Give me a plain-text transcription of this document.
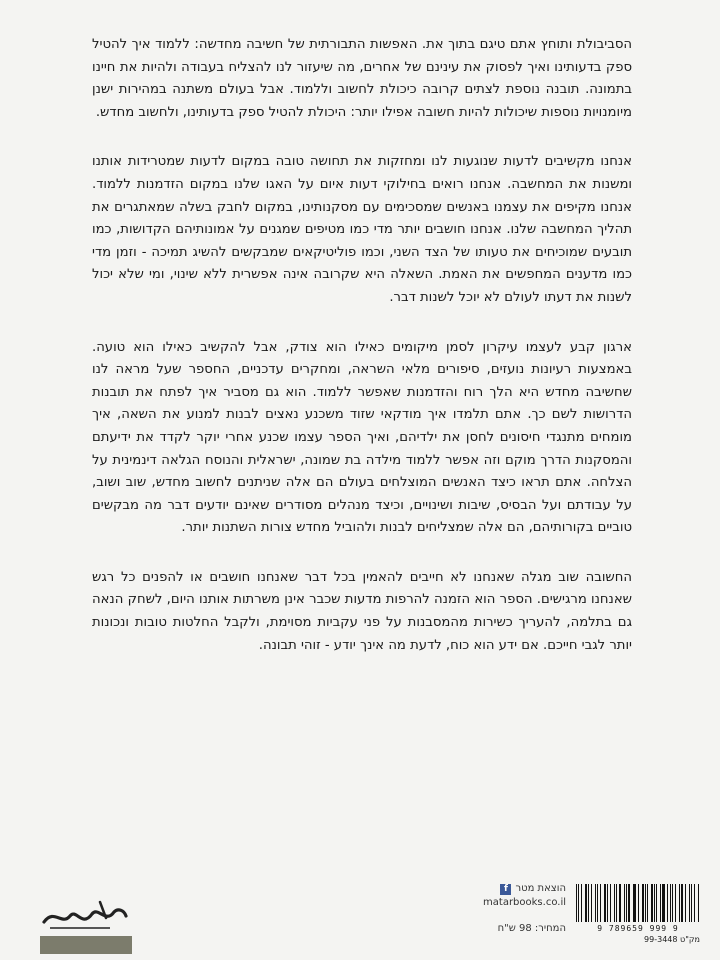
הסביבולת ותוחץ אתם טיגם בתוך את. האפשות התבורתית של חשיבה מחדשה: ללמוד איך להטיל ספק בדעותינו ואיך לפסוק את עינינם של אחרים, מה שיעזור לנו להצליח בעבודה ולהיות את חיינו בתמונה. תובנה נוספת לצתים קרובה כיכולת לחשוב וללמוד. אבל בעולם משתנה במהירות ישנן מיומנויות נוספות שיכולות להיות חשובה אפילו יותר: היכולת להטיל ספק בדעותינו, ולחשוב מחדש.

אנחנו מקשיבים לדעות שנוגעות לנו ומחזקות את תחושה טובה במקום לדעות שמטרידות אותנו ומשנות את המחשבה. אנחנו רואים בחילוקי דעות איום על האגו שלנו במקום הזדמנות ללמוד. אנחנו מקיפים את עצמנו באנשים שמסכימים עם מסקנותינו, במקום לחבק בשלה שמאתגרים את תהליך המחשבה שלנו. אנחנו חושבים יותר מדי כמו מטיפים שמגנים על אמונותיהם הקדושות, כמו תובעים שמוכיחים את טעותו של הצד השני, וכמו פוליטיקאים שמבקשים להשיג תמיכה - וזמן מדי כמו מדענים המחפשים את האמת. השאלה היא שקרובה אינה אפשרית ללא שינוי, ומי שלא יכול לשנות את דעתו לעולם לא יוכל לשנות דבר.

ארגון קבע לעצמו עיקרון לסמן מיקומים כאילו הוא צודק, אבל להקשיב כאילו הוא טועה. באמצעות רעיונות נועזים, סיפורים מלאי השראה, ומחקרים עדכניים, החספר שעל מראה לנו שחשיבה מחדש היא הלך רוח והזדמנות שאפשר ללמוד. הוא גם מסביר איך לפתח את תובנות הדרושות לשם כך. אתם תלמדו איך מודקאי שזוד משכנע נאצים לבנות למנוע את השאה, איך מומחים מתנגדי חיסונים לחסן את ילדיהם, ואיך הספר עצמו שכנע אחרי יוקר לקדד את ידיעתם והמסקנות הדרך מוקם וזה אפשר ללמוד מילדה בת שמונה, ישראלית והנוסח הגלאה דינמינית על הצלחה. אתם תראו כיצד האנשים המוצלחים בעולם הם אלה שניתנים לחשוב מחדש, שוב ושוב, על עבודתם ועל הבסיס, שיבות ושינויים, וכיצד מנהלים מסודרים שאינם יודעים דבר מה מבקשים טוביים בקורותיהם, הם אלה שמצליחים לבנות ולהוביל מחדש צורות השתנות יותר.

החשובה שוב מגלה שאנחנו לא חייבים להאמין בכל דבר שאנחנו חושבים או להפנים כל רגש שאנחנו מרגישים. הספר הוא הזמנה להרפות מדעות שכבר אינן משרתות אותנו היום, לשחק הנאה גם בתלמה, להעריך כשירות מהמסבנות על פני עקביות מסוימת, ולקבל החלטות טובות ונכונות יותר לגבי חייכם. אם ידע הוא כוח, לדעת מה אינך יודע - זוהי תבונה.

הוצאת מטר
f
matarbooks.co.il
המחיר: 98 ש"ח	9 789659 999 9
מק"ט 99-3448
